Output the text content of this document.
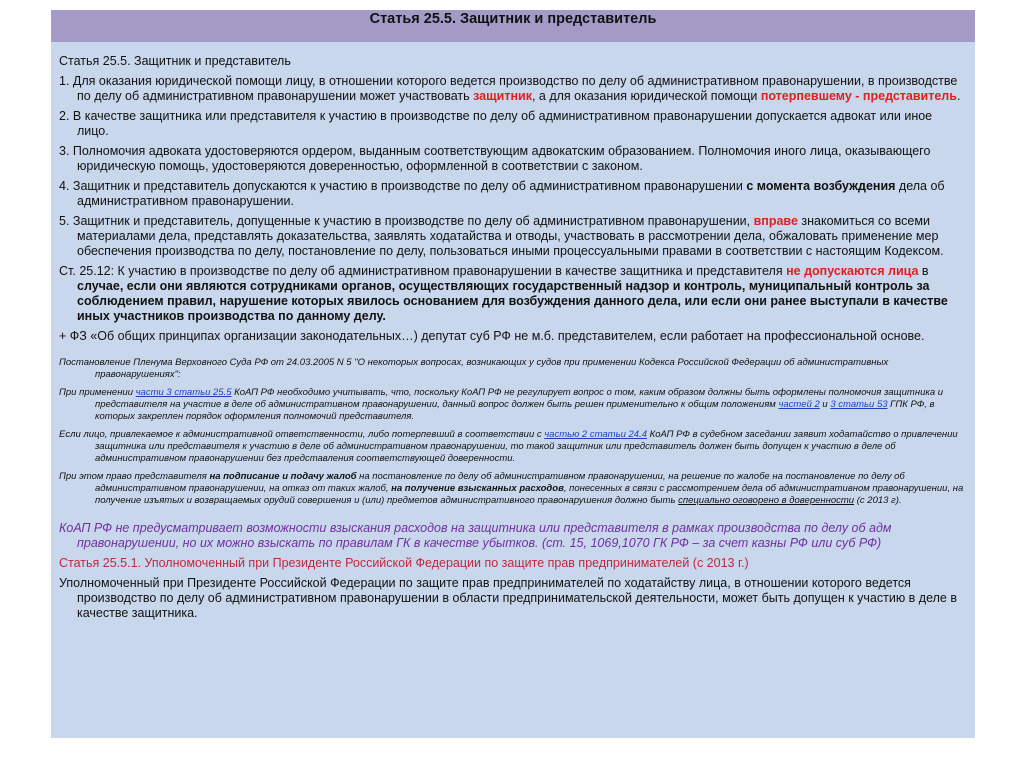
Статья 25.5. Защитник и представитель

Статья 25.5. Защитник и представитель

1. Для оказания юридической помощи лицу, в отношении которого ведется производство по делу об административном правонарушении, в производстве по делу об административном правонарушении может участвовать защитник, а для оказания юридической помощи потерпевшему - представитель.

2. В качестве защитника или представителя к участию в производстве по делу об административном правонарушении допускается адвокат или иное лицо.

3. Полномочия адвоката удостоверяются ордером, выданным соответствующим адвокатским образованием. Полномочия иного лица, оказывающего юридическую помощь, удостоверяются доверенностью, оформленной в соответствии с законом.

4. Защитник и представитель допускаются к участию в производстве по делу об административном правонарушении с момента возбуждения дела об административном правонарушении.

5. Защитник и представитель, допущенные к участию в производстве по делу об административном правонарушении, вправе знакомиться со всеми материалами дела, представлять доказательства, заявлять ходатайства и отводы, участвовать в рассмотрении дела, обжаловать применение мер обеспечения производства по делу, постановление по делу, пользоваться иными процессуальными правами в соответствии с настоящим Кодексом.

Ст. 25.12: К участию в производстве по делу об административном правонарушении в качестве защитника и представителя не допускаются лица в случае, если они являются сотрудниками органов, осуществляющих государственный надзор и контроль, муниципальный контроль за соблюдением правил, нарушение которых явилось основанием для возбуждения данного дела, или если они ранее выступали в качестве иных участников производства по данному делу.

+ ФЗ «Об общих принципах организации законодательных…) депутат суб РФ не м.б. представителем, если работает на профессиональной основе.

Постановление Пленума Верховного Суда РФ от 24.03.2005 N 5 "О некоторых вопросах, возникающих у судов при применении Кодекса Российской Федерации об административных правонарушениях":

При применении части 3 статьи 25.5 КоАП РФ необходимо учитывать, что, поскольку КоАП РФ не регулирует вопрос о том, каким образом должны быть оформлены полномочия защитника и представителя на участие в деле об административном правонарушении, данный вопрос должен быть решен применительно к общим положениям частей 2 и 3 статьи 53 ГПК РФ, в которых закреплен порядок оформления полномочий представителя.

Если лицо, привлекаемое к административной ответственности, либо потерпевший в соответствии с частью 2 статьи 24.4 КоАП РФ в судебном заседании заявит ходатайство о привлечении защитника или представителя к участию в деле об административном правонарушении, то такой защитник или представитель должен быть допущен к участию в деле об административном правонарушении без представления соответствующей доверенности.

При этом право представителя на подписание и подачу жалоб на постановление по делу об административном правонарушении, на решение по жалобе на постановление по делу об административном правонарушении, на отказ от таких жалоб, на получение взысканных расходов, понесенных в связи с рассмотрением дела об административном правонарушении, на получение изъятых и возвращаемых орудий совершения и (или) предметов административного правонарушения должно быть специально оговорено в доверенности (с 2013 г).

КоАП РФ не предусматривает возможности взыскания расходов на защитника или представителя в рамках производства по делу об адм правонарушении, но их можно взыскать по правилам ГК в качестве убытков. (ст. 15, 1069,1070 ГК РФ – за счет казны РФ или суб РФ)

Статья 25.5.1. Уполномоченный при Президенте Российской Федерации по защите прав предпринимателей (с 2013 г.)

Уполномоченный при Президенте Российской Федерации по защите прав предпринимателей по ходатайству лица, в отношении которого ведется производство по делу об административном правонарушении в области предпринимательской деятельности, может быть допущен к участию в деле в качестве защитника.
